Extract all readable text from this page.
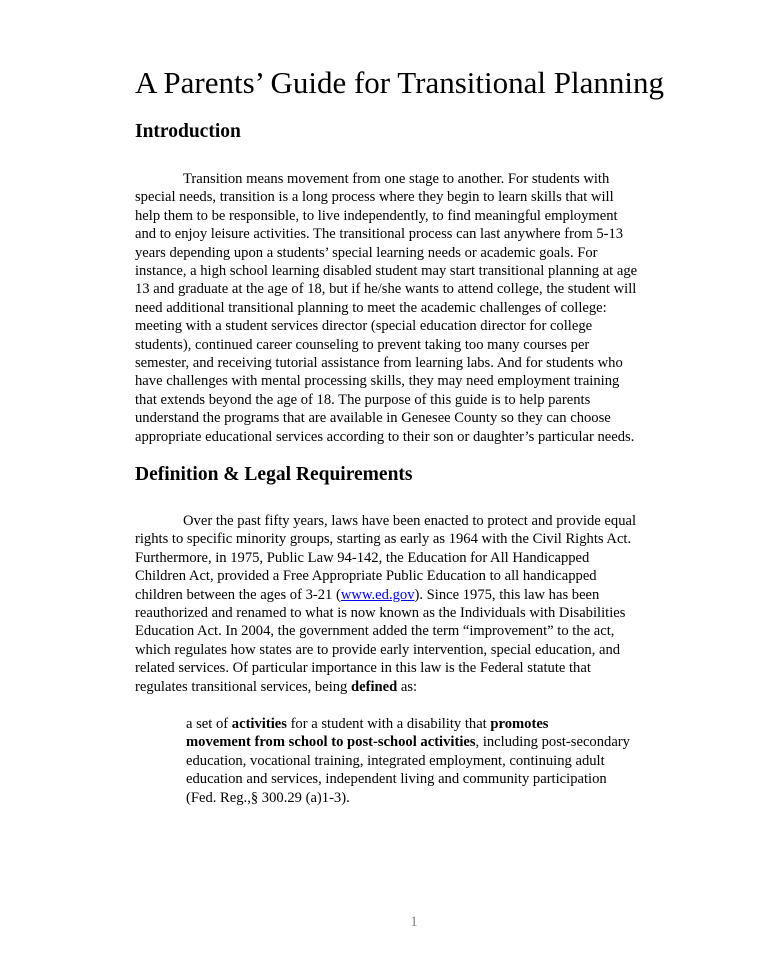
A Parents’ Guide for Transitional Planning
Introduction
Transition means movement from one stage to another. For students with
special needs, transition is a long process where they begin to learn skills that will
help them to be responsible, to live independently, to find meaningful employment
and to enjoy leisure activities. The transitional process can last anywhere from 5-13
years depending upon a students’ special learning needs or academic goals. For
instance, a high school learning disabled student may start transitional planning at age
13 and graduate at the age of 18, but if he/she wants to attend college, the student will
need additional transitional planning to meet the academic challenges of college:
meeting with a student services director (special education director for college
students), continued career counseling to prevent taking too many courses per
semester, and receiving tutorial assistance from learning labs. And for students who
have challenges with mental processing skills, they may need employment training
that extends beyond the age of 18. The purpose of this guide is to help parents
understand the programs that are available in Genesee County so they can choose
appropriate educational services according to their son or daughter’s particular needs.
Definition & Legal Requirements
Over the past fifty years, laws have been enacted to protect and provide equal
rights to specific minority groups, starting as early as 1964 with the Civil Rights Act.
Furthermore, in 1975, Public Law 94-142, the Education for All Handicapped
Children Act, provided a Free Appropriate Public Education to all handicapped
children between the ages of 3-21 (www.ed.gov). Since 1975, this law has been
reauthorized and renamed to what is now known as the Individuals with Disabilities
Education Act. In 2004, the government added the term “improvement” to the act,
which regulates how states are to provide early intervention, special education, and
related services. Of particular importance in this law is the Federal statute that
regulates transitional services, being defined as:
a set of activities for a student with a disability that promotes
movement from school to post-school activities, including post-secondary
education, vocational training, integrated employment, continuing adult
education and services, independent living and community participation
(Fed. Reg.,§ 300.29 (a)1-3).
1
